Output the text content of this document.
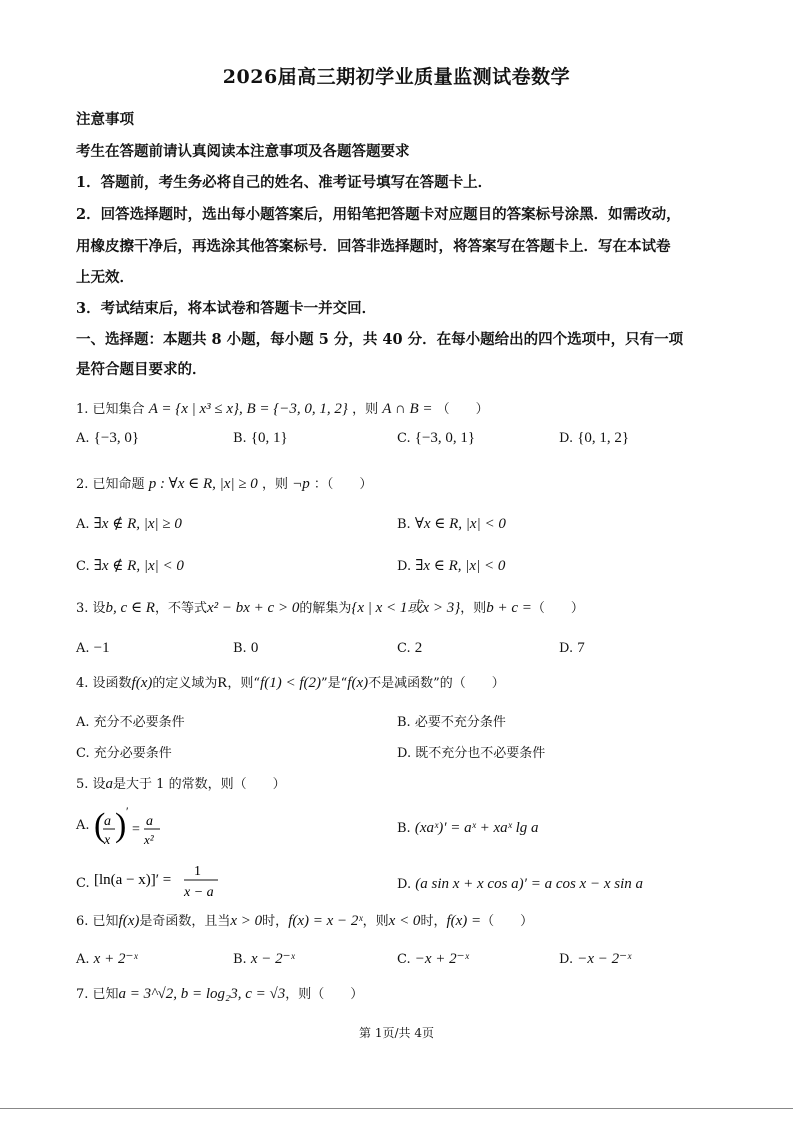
2026届高三期初学业质量监测试卷数学
注意事项
考生在答题前请认真阅读本注意事项及各题答题要求
1．答题前，考生务必将自己的姓名、准考证号填写在答题卡上．
2．回答选择题时，选出每小题答案后，用铅笔把答题卡对应题目的答案标号涂黑．如需改动，
用橡皮擦干净后，再选涂其他答案标号．回答非选择题时，将答案写在答题卡上．写在本试卷
上无效．
3．考试结束后，将本试卷和答题卡一并交回．
一、选择题：本题共 8 小题，每小题 5 分，共 40 分．在每小题给出的四个选项中，只有一项
是符合题目要求的．
1. 已知集合 A = {x | x³ ≤ x}, B = {−3, 0, 1, 2} ，则 A ∩ B = （　　）
A. {−3, 0}	B. {0, 1}	C. {−3, 0, 1}	D. {0, 1, 2}
2. 已知命题 p : ∀x ∈ R, |x| ≥ 0 ，则 ¬p ：（　　）
A. ∃x ∉ R, |x| ≥ 0	B. ∀x ∈ R, |x| < 0
C. ∃x ∉ R, |x| < 0	D. ∃x ∈ R, |x| < 0
3. 设b, c ∈ R，不等式x² − bx + c > 0的解集为{x | x < 1或x > 3}，则b + c =（　　）
A. −1	B. 0	C. 2	D. 7
4. 设函数f(x)的定义域为R，则“f(1) < f(2)”是“f(x)不是减函数”的（　　）
A. 充分不必要条件	B. 必要不充分条件
C. 充分必要条件	D. 既不充分也不必要条件
5. 设a是大于 1 的常数，则（　　）
A. (
a
x ) ′
=
a
x²
B. (xaˣ)′ = aˣ + xaˣ lg a
C. [ln(a − x)]′ =
1
x − a
D. (a sin x + x cos a)′ = a cos x − x sin a
6. 已知f(x)是奇函数，且当x > 0时，f(x) = x − 2ˣ，则x < 0时，f(x) =（　　）
A. x + 2⁻ˣ	B. x − 2⁻ˣ	C. −x + 2⁻ˣ	D. −x − 2⁻ˣ
7. 已知a = 3^√2, b = log₂3, c = √3，则（　　）
第 1页/共 4页
